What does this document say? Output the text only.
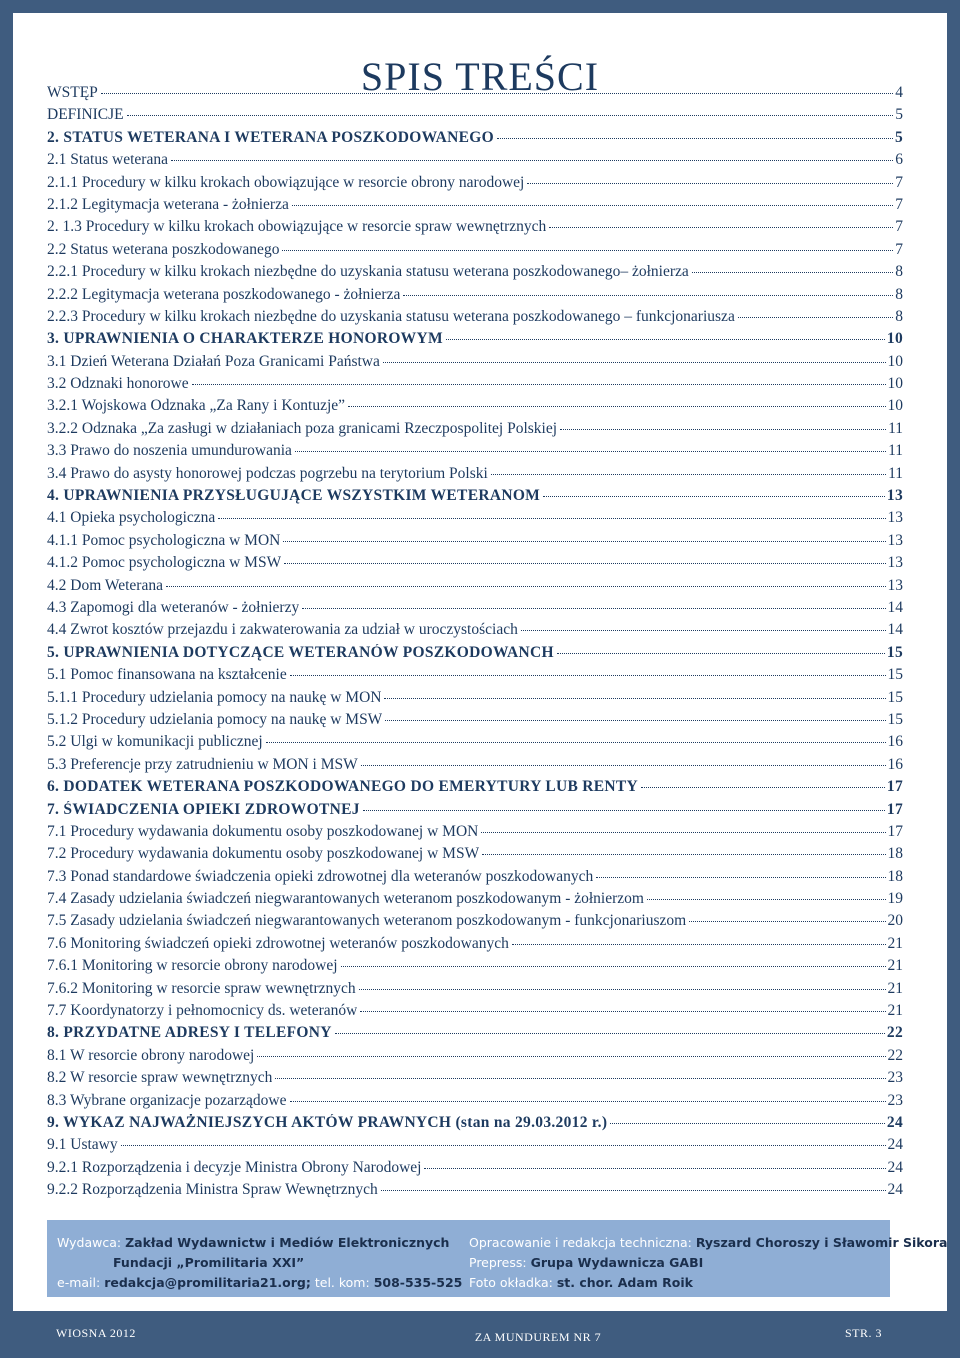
SPIS TREŚCI
WSTĘP	4
DEFINICJE	5
2. STATUS WETERANA I WETERANA POSZKODOWANEGO	5
2.1 Status weterana	6
2.1.1 Procedury w kilku krokach obowiązujące w resorcie obrony narodowej	7
2.1.2 Legitymacja weterana - żołnierza	7
2. 1.3 Procedury w kilku krokach obowiązujące w resorcie spraw wewnętrznych	7
2.2 Status weterana poszkodowanego	7
2.2.1 Procedury w kilku krokach niezbędne do uzyskania statusu weterana poszkodowanego– żołnierza	8
2.2.2 Legitymacja weterana poszkodowanego - żołnierza	8
2.2.3 Procedury w kilku krokach niezbędne do uzyskania statusu weterana poszkodowanego – funkcjonariusza	8
3. UPRAWNIENIA O CHARAKTERZE HONOROWYM	10
3.1 Dzień Weterana Działań Poza Granicami Państwa	10
3.2 Odznaki honorowe	10
3.2.1 Wojskowa Odznaka „Za Rany i Kontuzje”	10
3.2.2 Odznaka „Za zasługi w działaniach poza granicami Rzeczpospolitej Polskiej	11
3.3 Prawo do noszenia umundurowania	11
3.4 Prawo do asysty honorowej podczas pogrzebu na terytorium Polski	11
4. UPRAWNIENIA PRZYSŁUGUJĄCE WSZYSTKIM WETERANOM	13
4.1 Opieka psychologiczna	13
4.1.1 Pomoc psychologiczna w MON	13
4.1.2 Pomoc psychologiczna w MSW	13
4.2 Dom Weterana	13
4.3 Zapomogi dla weteranów - żołnierzy	14
4.4 Zwrot kosztów przejazdu i zakwaterowania za udział w uroczystościach	14
5. UPRAWNIENIA DOTYCZĄCE WETERANÓW POSZKODOWANCH	15
5.1 Pomoc finansowana na kształcenie	15
5.1.1 Procedury udzielania pomocy na naukę w MON	15
5.1.2 Procedury udzielania pomocy na naukę w MSW	15
5.2 Ulgi w komunikacji publicznej	16
5.3 Preferencje przy zatrudnieniu w MON i MSW	16
6. DODATEK WETERANA POSZKODOWANEGO DO EMERYTURY LUB RENTY	17
7. ŚWIADCZENIA OPIEKI ZDROWOTNEJ	17
7.1 Procedury wydawania dokumentu osoby poszkodowanej w MON	17
7.2 Procedury wydawania dokumentu osoby poszkodowanej w MSW	18
7.3 Ponad standardowe świadczenia opieki zdrowotnej dla weteranów poszkodowanych	18
7.4 Zasady udzielania świadczeń niegwarantowanych weteranom poszkodowanym - żołnierzom	19
7.5 Zasady udzielania świadczeń niegwarantowanych weteranom poszkodowanym - funkcjonariuszom	20
7.6 Monitoring świadczeń opieki zdrowotnej weteranów poszkodowanych	21
7.6.1 Monitoring w resorcie obrony narodowej	21
7.6.2 Monitoring w resorcie spraw wewnętrznych	21
7.7 Koordynatorzy i pełnomocnicy ds. weteranów	21
8. PRZYDATNE ADRESY I TELEFONY	22
8.1 W resorcie obrony narodowej	22
8.2 W resorcie spraw wewnętrznych	23
8.3 Wybrane organizacje pozarządowe	23
9. WYKAZ NAJWAŻNIEJSZYCH AKTÓW PRAWNYCH (stan na 29.03.2012 r.)	24
9.1 Ustawy	24
9.2.1 Rozporządzenia i decyzje Ministra Obrony Narodowej	24
9.2.2 Rozporządzenia Ministra Spraw Wewnętrznych	24
Wydawca: Zakład Wydawnictw i Mediów Elektronicznych
Fundacji „Promilitaria XXI”
e-mail: redakcja@promilitaria21.org; tel. kom: 508-535-525
Opracowanie i redakcja techniczna: Ryszard Choroszy i Sławomir Sikora
Prepress: Grupa Wydawnicza GABI
Foto okładka: st. chor. Adam Roik
WIOSNA 2012	ZA MUNDUREM NR 7	STR. 3
